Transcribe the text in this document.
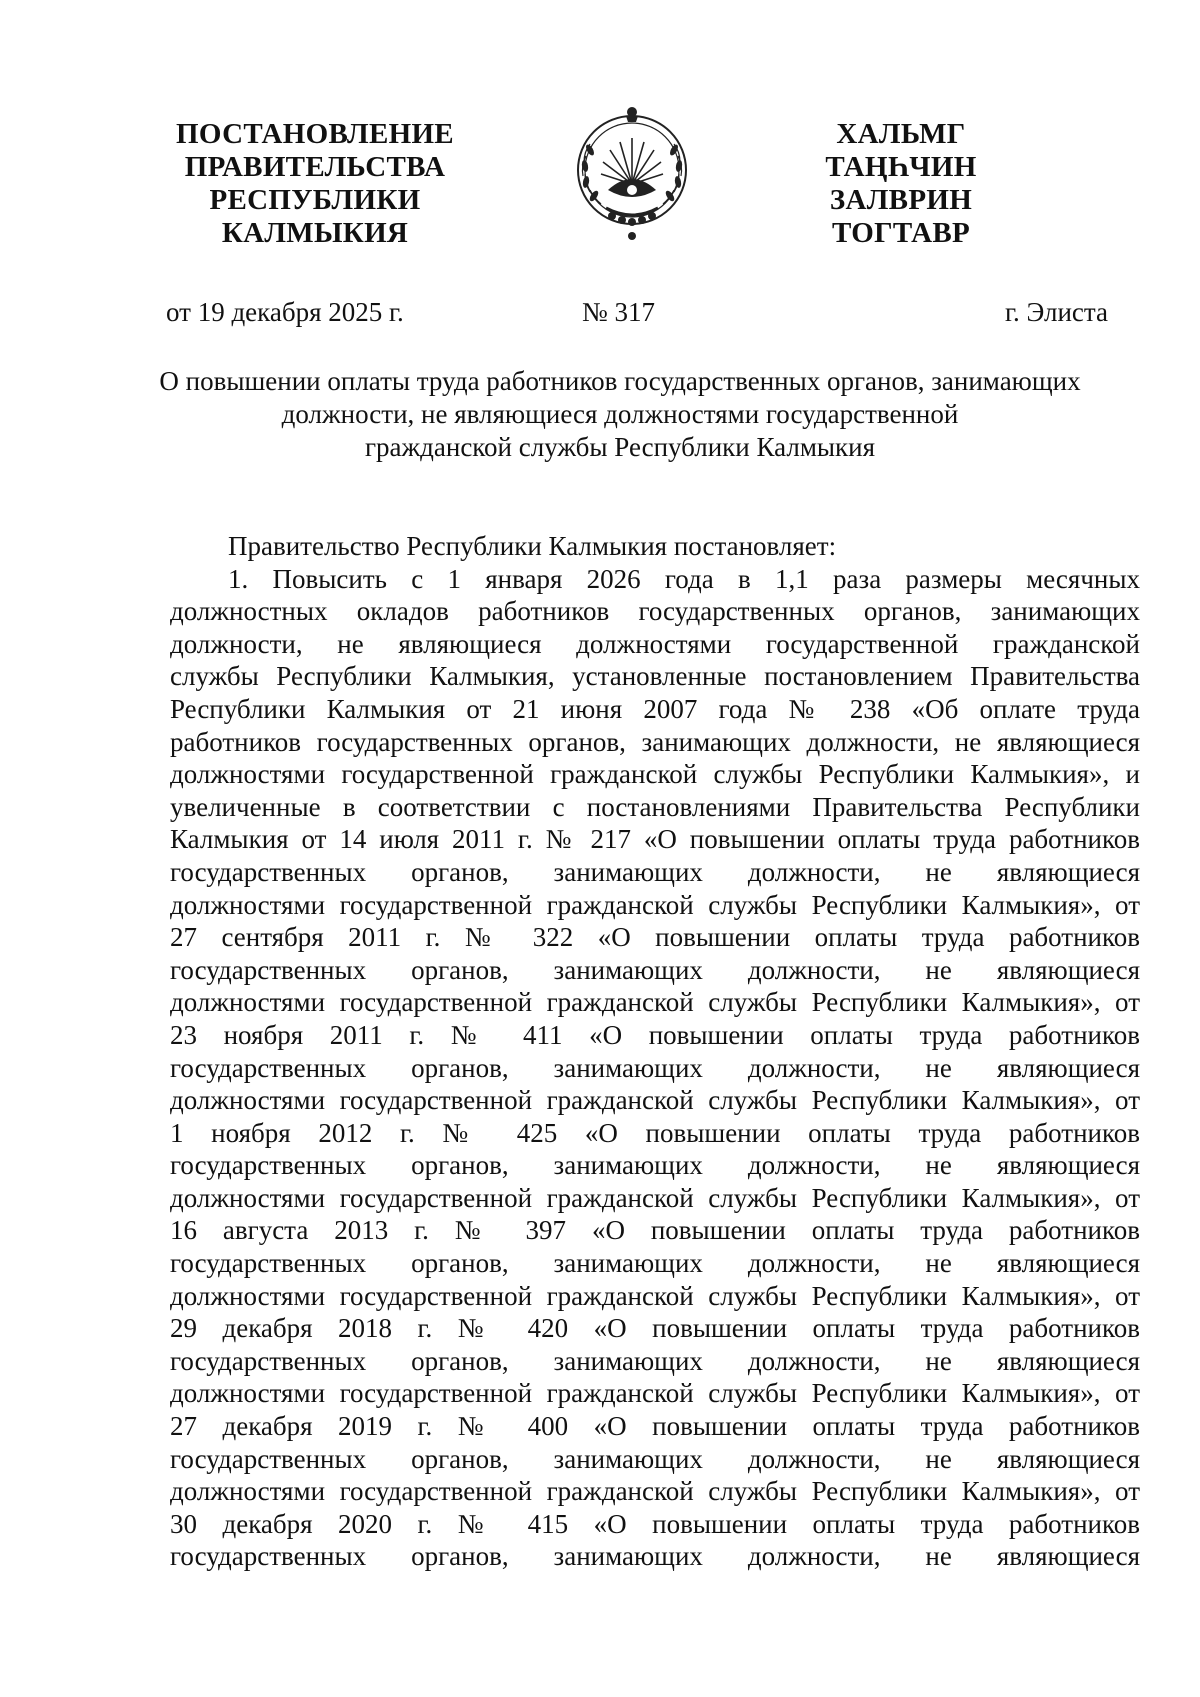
ПОСТАНОВЛЕНИЕ
ПРАВИТЕЛЬСТВА
РЕСПУБЛИКИ
КАЛМЫКИЯ
ХАЛЬМГ
ТАҢҺЧИН
ЗАЛВРИН
ТОГТАВР
от 19 декабря 2025 г.	№ 317	г. Элиста
О повышении оплаты труда работников государственных органов, занимающих
должности, не являющиеся должностями государственной
гражданской службы Республики Калмыкия
Правительство Республики Калмыкия постановляет:
1. Повысить с 1 января 2026 года в 1,1 раза размеры месячных
должностных окладов работников государственных органов, занимающих
должности, не являющиеся должностями государственной гражданской
службы Республики Калмыкия, установленные постановлением Правительства
Республики Калмыкия от 21 июня 2007 года № 238 «Об оплате труда
работников государственных органов, занимающих должности, не являющиеся
должностями государственной гражданской службы Республики Калмыкия», и
увеличенные в соответствии с постановлениями Правительства Республики
Калмыкия от 14 июля 2011 г. № 217 «О повышении оплаты труда работников
государственных органов, занимающих должности, не являющиеся
должностями государственной гражданской службы Республики Калмыкия», от
27 сентября 2011 г. № 322 «О повышении оплаты труда работников
государственных органов, занимающих должности, не являющиеся
должностями государственной гражданской службы Республики Калмыкия», от
23 ноября 2011 г. № 411 «О повышении оплаты труда работников
государственных органов, занимающих должности, не являющиеся
должностями государственной гражданской службы Республики Калмыкия», от
1 ноября 2012 г. № 425 «О повышении оплаты труда работников
государственных органов, занимающих должности, не являющиеся
должностями государственной гражданской службы Республики Калмыкия», от
16 августа 2013 г. № 397 «О повышении оплаты труда работников
государственных органов, занимающих должности, не являющиеся
должностями государственной гражданской службы Республики Калмыкия», от
29 декабря 2018 г. № 420 «О повышении оплаты труда работников
государственных органов, занимающих должности, не являющиеся
должностями государственной гражданской службы Республики Калмыкия», от
27 декабря 2019 г. № 400 «О повышении оплаты труда работников
государственных органов, занимающих должности, не являющиеся
должностями государственной гражданской службы Республики Калмыкия», от
30 декабря 2020 г. № 415 «О повышении оплаты труда работников
государственных органов, занимающих должности, не являющиеся
